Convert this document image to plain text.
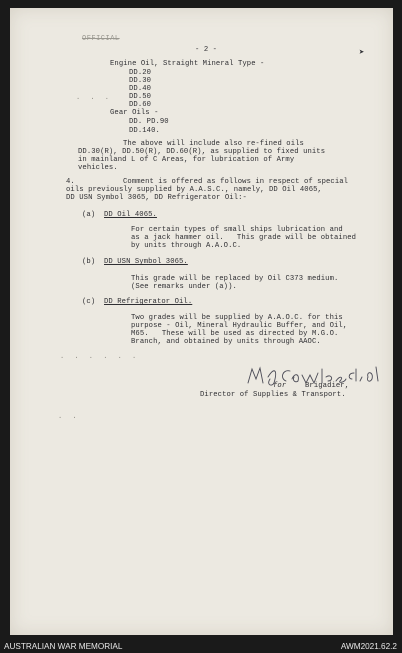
OFFICIAL
- 2 -	➤
Engine Oil, Straight Mineral Type -
DD.20
DD.30
DD.40
DD.50
DD.60
. . .
Gear Oils -
DD. PD.90
DD.140.
The above will include also re-fined oils
DD.30(R), DD.50(R), DD.60(R), as supplied to fixed units
in mainland L of C Areas, for lubrication of Army
vehicles.
4.	Comment is offered as follows in respect of special
oils previously supplied by A.A.S.C., namely, DD Oil 4065,
DD USN Symbol 3065, DD Refrigerator Oil:-
(a) DD Oil 4065.
For certain types of small ships lubrication and
as a jack hammer oil.   This grade will be obtained
by units through A.A.O.C.
(b) DD USN Symbol 3065.
This grade will be replaced by Oil C373 medium.
(See remarks under (a)).
(c) DD Refrigerator Oil.
Two grades will be supplied by A.A.O.C. for this
purpose - Oil, Mineral Hydraulic Buffer, and Oil,
M65.   These will be used as directed by M.G.O.
Branch, and obtained by units through AAOC.
. . . . . .
for	Brigadier,
Director of Supplies & Transport.
. .
AUSTRALIAN WAR MEMORIAL	AWM2021.62.2
